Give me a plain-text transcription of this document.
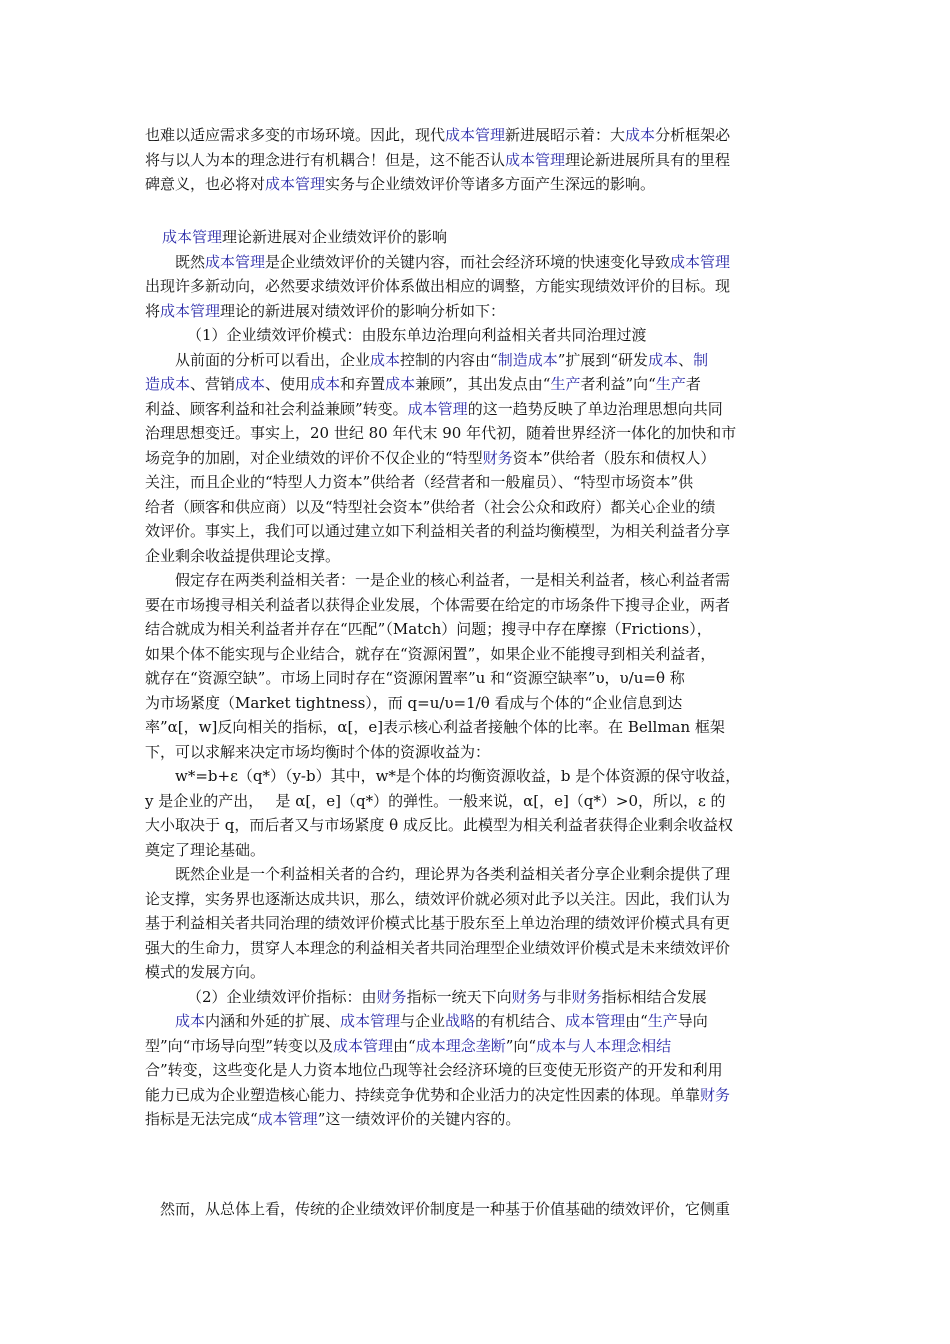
也难以适应需求多变的市场环境。因此，现代成本管理新进展昭示着：大成本分析框架必
将与以人为本的理念进行有机耦合！但是，这不能否认成本管理理论新进展所具有的里程
碑意义，也必将对成本管理实务与企业绩效评价等诸多方面产生深远的影响。
成本管理理论新进展对企业绩效评价的影响
既然成本管理是企业绩效评价的关键内容，而社会经济环境的快速变化导致成本管理
出现许多新动向，必然要求绩效评价体系做出相应的调整，方能实现绩效评价的目标。现
将成本管理理论的新进展对绩效评价的影响分析如下：
（1）企业绩效评价模式：由股东单边治理向利益相关者共同治理过渡
从前面的分析可以看出，企业成本控制的内容由“制造成本”扩展到“研发成本、制
造成本、营销成本、使用成本和弃置成本兼顾”，其出发点由“生产者利益”向“生产者
利益、顾客利益和社会利益兼顾”转变。成本管理的这一趋势反映了单边治理思想向共同
治理思想变迁。事实上，20 世纪 80 年代末 90 年代初，随着世界经济一体化的加快和市
场竞争的加剧，对企业绩效的评价不仅企业的“特型财务资本”供给者（股东和债权人）
关注，而且企业的“特型人力资本”供给者（经营者和一般雇员）、“特型市场资本”供
给者（顾客和供应商）以及“特型社会资本”供给者（社会公众和政府）都关心企业的绩
效评价。事实上，我们可以通过建立如下利益相关者的利益均衡模型，为相关利益者分享
企业剩余收益提供理论支撑。
假定存在两类利益相关者：一是企业的核心利益者，一是相关利益者，核心利益者需
要在市场搜寻相关利益者以获得企业发展，个体需要在给定的市场条件下搜寻企业，两者
结合就成为相关利益者并存在“匹配”（Match）问题；搜寻中存在摩擦（Frictions），
如果个体不能实现与企业结合，就存在“资源闲置”，如果企业不能搜寻到相关利益者，
就存在“资源空缺”。市场上同时存在“资源闲置率”u 和“资源空缺率”υ，υ/u=θ 称
为市场紧度（Market tightness），而 q=u/υ=1/θ 看成与个体的“企业信息到达
率”α[，w]反向相关的指标，α[，e]表示核心利益者接触个体的比率。在 Bellman 框架
下，可以求解来决定市场均衡时个体的资源收益为：
w*=b+ε（q*）（y-b）其中，w*是个体的均衡资源收益，b 是个体资源的保守收益，
y 是企业的产出，　 是 α[，e]（q*）的弹性。一般来说，α[，e]（q*）>0，所以，ε 的
大小取决于 q，而后者又与市场紧度 θ 成反比。此模型为相关利益者获得企业剩余收益权
奠定了理论基础。
既然企业是一个利益相关者的合约，理论界为各类利益相关者分享企业剩余提供了理
论支撑，实务界也逐渐达成共识，那么，绩效评价就必须对此予以关注。因此，我们认为
基于利益相关者共同治理的绩效评价模式比基于股东至上单边治理的绩效评价模式具有更
强大的生命力，贯穿人本理念的利益相关者共同治理型企业绩效评价模式是未来绩效评价
模式的发展方向。
（2）企业绩效评价指标：由财务指标一统天下向财务与非财务指标相结合发展
成本内涵和外延的扩展、成本管理与企业战略的有机结合、成本管理由“生产导向
型”向“市场导向型”转变以及成本管理由“成本理念垄断”向“成本与人本理念相结
合”转变，这些变化是人力资本地位凸现等社会经济环境的巨变使无形资产的开发和利用
能力已成为企业塑造核心能力、持续竞争优势和企业活力的决定性因素的体现。单靠财务
指标是无法完成“成本管理”这一绩效评价的关键内容的。
然而，从总体上看，传统的企业绩效评价制度是一种基于价值基础的绩效评价，它侧重
